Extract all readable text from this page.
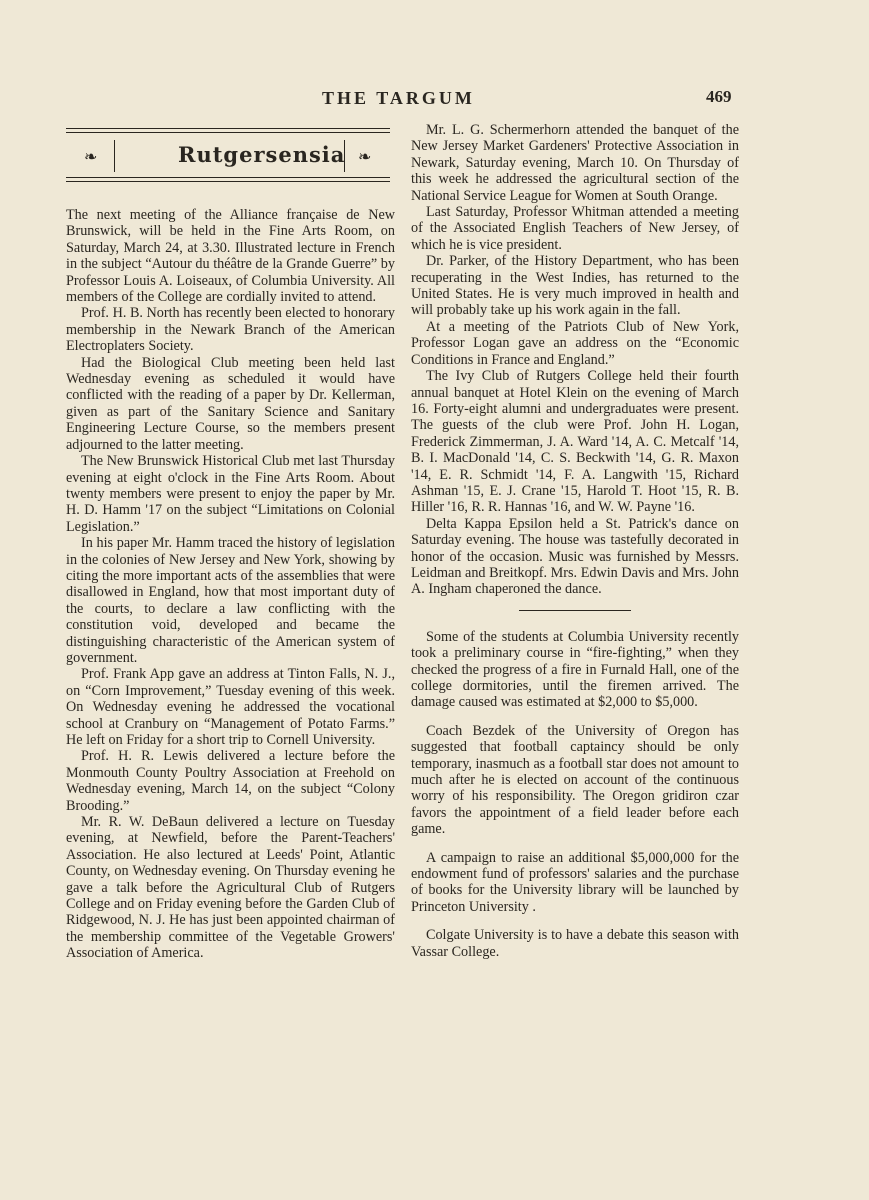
THE TARGUM	469
❧	Rutgersensia ❧

The next meeting of the Alliance française de New Brunswick, will be held in the Fine Arts Room, on Saturday, March 24, at 3.30. Illustrated lecture in French in the subject “Autour du théâtre de la Grande Guerre” by Professor Louis A. Loiseaux, of Columbia University. All members of the College are cordially invited to attend.

Prof. H. B. North has recently been elected to honorary membership in the Newark Branch of the American Electroplaters Society.

Had the Biological Club meeting been held last Wednesday evening as scheduled it would have conflicted with the reading of a paper by Dr. Kellerman, given as part of the Sanitary Science and Sanitary Engineering Lecture Course, so the members present adjourned to the latter meeting.

The New Brunswick Historical Club met last Thursday evening at eight o'clock in the Fine Arts Room. About twenty members were present to enjoy the paper by Mr. H. D. Hamm '17 on the subject “Limitations on Colonial Legislation.”

In his paper Mr. Hamm traced the history of legislation in the colonies of New Jersey and New York, showing by citing the more important acts of the assemblies that were disallowed in England, how that most important duty of the courts, to declare a law conflicting with the constitution void, developed and became the distinguishing characteristic of the American system of government.

Prof. Frank App gave an address at Tinton Falls, N. J., on “Corn Improvement,” Tuesday evening of this week. On Wednesday evening he addressed the vocational school at Cranbury on “Management of Potato Farms.” He left on Friday for a short trip to Cornell University.

Prof. H. R. Lewis delivered a lecture before the Monmouth County Poultry Association at Freehold on Wednesday evening, March 14, on the subject “Colony Brooding.”

Mr. R. W. DeBaun delivered a lecture on Tuesday evening, at Newfield, before the Parent-Teachers' Association. He also lectured at Leeds' Point, Atlantic County, on Wednesday evening. On Thursday evening he gave a talk before the Agricultural Club of Rutgers College and on Friday evening before the Garden Club of Ridgewood, N. J. He has just been appointed chairman of the membership committee of the Vegetable Growers' Association of America.

Mr. L. G. Schermerhorn attended the banquet of the New Jersey Market Gardeners' Protective Association in Newark, Saturday evening, March 10. On Thursday of this week he addressed the agricultural section of the National Service League for Women at South Orange.

Last Saturday, Professor Whitman attended a meeting of the Associated English Teachers of New Jersey, of which he is vice president.

Dr. Parker, of the History Department, who has been recuperating in the West Indies, has returned to the United States. He is very much improved in health and will probably take up his work again in the fall.

At a meeting of the Patriots Club of New York, Professor Logan gave an address on the “Economic Conditions in France and England.”

The Ivy Club of Rutgers College held their fourth annual banquet at Hotel Klein on the evening of March 16. Forty-eight alumni and undergraduates were present. The guests of the club were Prof. John H. Logan, Frederick Zimmerman, J. A. Ward '14, A. C. Metcalf '14, B. I. MacDonald '14, C. S. Beckwith '14, G. R. Maxon '14, E. R. Schmidt '14, F. A. Langwith '15, Richard Ashman '15, E. J. Crane '15, Harold T. Hoot '15, R. B. Hiller '16, R. R. Hannas '16, and W. W. Payne '16.

Delta Kappa Epsilon held a St. Patrick's dance on Saturday evening. The house was tastefully decorated in honor of the occasion. Music was furnished by Messrs. Leidman and Breitkopf. Mrs. Edwin Davis and Mrs. John A. Ingham chaperoned the dance.

Some of the students at Columbia University recently took a preliminary course in “fire-fighting,” when they checked the progress of a fire in Furnald Hall, one of the college dormitories, until the firemen arrived. The damage caused was estimated at $2,000 to $5,000.

Coach Bezdek of the University of Oregon has suggested that football captaincy should be only temporary, inasmuch as a football star does not amount to much after he is elected on account of the continuous worry of his responsibility. The Oregon gridiron czar favors the appointment of a field leader before each game.

A campaign to raise an additional $5,000,000 for the endowment fund of professors' salaries and the purchase of books for the University library will be launched by Princeton University .

Colgate University is to have a debate this season with Vassar College.
